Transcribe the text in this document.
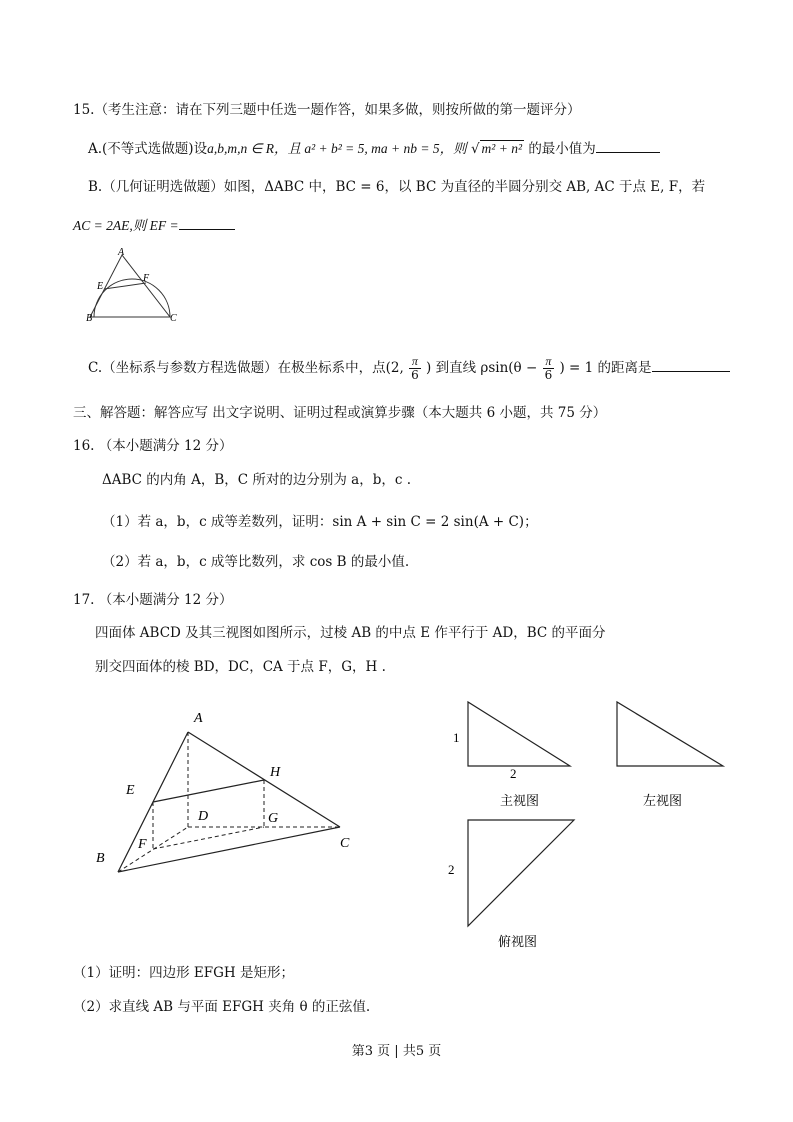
15.（考生注意：请在下列三题中任选一题作答，如果多做，则按所做的第一题评分）
A.(不等式选做题)设a,b,m,n ∈ R，且 a² + b² = 5, ma + nb = 5，则 √ m² + n² 的最小值为
B.（几何证明选做题）如图，ΔABC 中，BC = 6，以 BC 为直径的半圆分别交 AB, AC 于点 E, F，若
AC = 2AE,则 EF =
A
B	C
E
F
C.（坐标系与参数方程选做题）在极坐标系中，点(2, $\frac{\pi}{6}$ ) 到直线 $\rho\sin(\theta - \frac{\pi}{6}$ ) = 1 的距离是
三、解答题：解答应写 出文字说明、证明过程或演算步骤（本大题共 6 小题，共 75 分）
16. （本小题满分 12 分）
ΔABC 的内角 A，B，C 所对的边分别为 a，b，c .
（1）若 a，b，c 成等差数列，证明：sin A + sin C = 2 sin(A + C)；
（2）若 a，b，c 成等比数列，求 cos B 的最小值.
17. （本小题满分 12 分）
四面体 ABCD 及其三视图如图所示，过棱 AB 的中点 E 作平行于 AD，BC 的平面分
别交四面体的棱 BD，DC，CA 于点 F，G，H .
A
B
C
D
E
F
G
H
1
2
主视图	左视图
2
俯视图
（1）证明：四边形 EFGH 是矩形；
（2）求直线 AB 与平面 EFGH 夹角 θ 的正弦值.
第3 页 | 共5 页
